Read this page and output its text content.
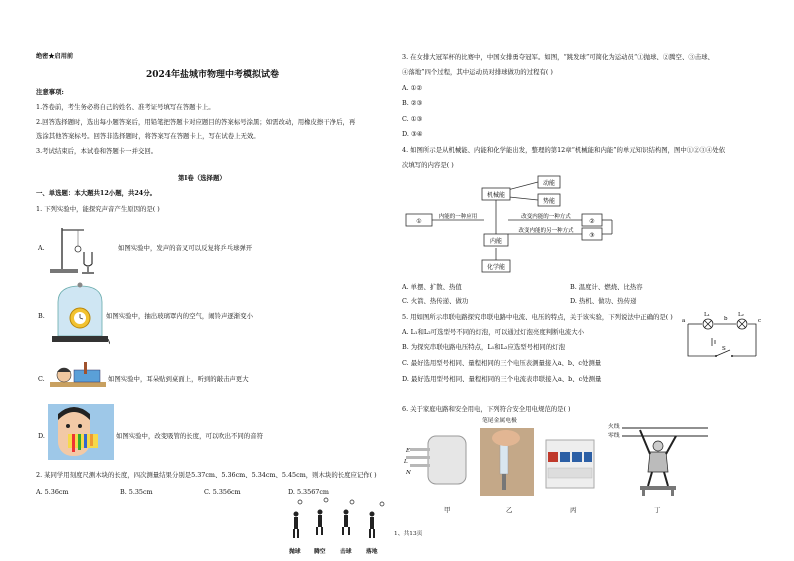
绝密★启用前
2024年盐城市物理中考模拟试卷
注意事项:
1.答卷前，考生务必将自己的姓名、准考证号填写在答题卡上。
2.回答选择题时，选出每小题答案后，用铅笔把答题卡对应题目的答案标号涂黑；如需改动，用橡皮擦干净后，再
选涂其他答案标号。回答非选择题时，将答案写在答题卡上，写在试卷上无效。
3.考试结束后，本试卷和答题卡一并交回。
第I卷（选择题）
一、单选题：本大题共12小题，共24分。
1. 下列实验中，能探究声音产生原因的是( )
A.	如图实验中，发声的音叉可以反复将乒乓球弹开
B.	如图实验中，抽出玻璃罩内的空气，闹铃声逐渐变小
C.	如图实验中，耳朵贴到桌面上，听到的敲击声更大
D.	如图实验中，改变吸管的长度，可以吹出不同的音符
2. 某同学用刻度尺测木块的长度，四次测量结果分别是5.37cm、5.36cm、5.34cm、5.45cm，则木块的长度应记作( )
A. 5.36cm	B. 5.35cm	C. 5.356cm	D. 5.3567cm
抛球 腾空 击球 落地
1、共13页
3. 在女排大冠军杯的比赛中，中国女排勇夺冠军。如图，“跳发球”可简化为运动员“①抛球、②腾空、③击球、
④落地”四个过程，其中运动员对排球做功的过程有( )
A. ①②
B. ②③
C. ①③
D. ③④
4. 如图所示是从机械能、内能和化学能出发，整理的第12章“机械能和内能”的单元知识结构图，图中①②③④处依
次填写的内容是( )
机械能
动能
势能
①
内能的一种应用
内能
改变内能的一种方式
改变内能的另一种方式
②
③
化学能
A. 单摆、扩散、热值	B. 温度计、燃烧、比热容
C. 火箭、热传递、做功	D. 热机、做功、热传递
5. 用如图所示串联电路探究串联电路中电流、电压的特点，关于该实验，下列说法中正确的是( )
A. L₁和L₂可选型号不同的灯泡，可以通过灯泡亮度判断电流大小
B. 为探究串联电路电压特点，L₁和L₂应选型号相同的灯泡
C. 最好选用型号相同、量程相同的三个电压表测量接入a、b、c处测量
D. 最好选用型号相同、量程相同的三个电流表串联接入a、b、c处测量
6. 关于家庭电路和安全用电，下列符合安全用电规范的是( )
a	b	c
L₁	L₂
S
E
L
N
笔尾金属电极
火线
零线
甲	乙	丙	丁
